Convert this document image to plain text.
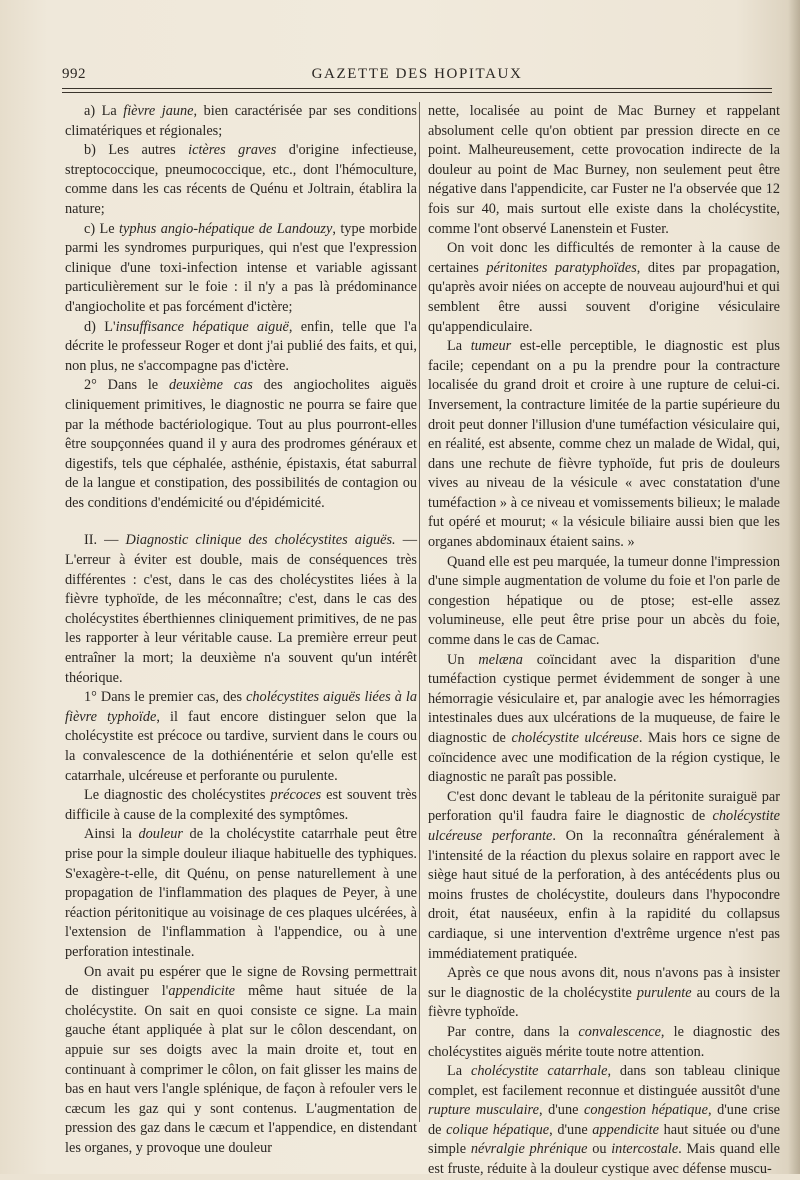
992	GAZETTE DES HOPITAUX

a) La fièvre jaune, bien caractérisée par ses conditions climatériques et régionales;

b) Les autres ictères graves d'origine infectieuse, streptococcique, pneumococcique, etc., dont l'hémoculture, comme dans les cas récents de Quénu et Joltrain, établira la nature;

c) Le typhus angio-hépatique de Landouzy, type morbide parmi les syndromes purpuriques, qui n'est que l'expression clinique d'une toxi-infection intense et variable agissant particulièrement sur le foie : il n'y a pas là prédominance d'angiocholite et pas forcément d'ictère;

d) L'insuffisance hépatique aiguë, enfin, telle que l'a décrite le professeur Roger et dont j'ai publié des faits, et qui, non plus, ne s'accompagne pas d'ictère.

2° Dans le deuxième cas des angiocholites aiguës cliniquement primitives, le diagnostic ne pourra se faire que par la méthode bactériologique. Tout au plus pourront-elles être soupçonnées quand il y aura des prodromes généraux et digestifs, tels que céphalée, asthénie, épistaxis, état saburral de la langue et constipation, des possibilités de contagion ou des conditions d'endémicité ou d'épidémicité.

II. — Diagnostic clinique des cholécystites aiguës. — L'erreur à éviter est double, mais de conséquences très différentes : c'est, dans le cas des cholécystites liées à la fièvre typhoïde, de les méconnaître; c'est, dans le cas des cholécystites éberthiennes cliniquement primitives, de ne pas les rapporter à leur véritable cause. La première erreur peut entraîner la mort; la deuxième n'a souvent qu'un intérêt théorique.

1° Dans le premier cas, des cholécystites aiguës liées à la fièvre typhoïde, il faut encore distinguer selon que la cholécystite est précoce ou tardive, survient dans le cours ou la convalescence de la dothiénentérie et selon qu'elle est catarrhale, ulcéreuse et perforante ou purulente.

Le diagnostic des cholécystites précoces est souvent très difficile à cause de la complexité des symptômes.

Ainsi la douleur de la cholécystite catarrhale peut être prise pour la simple douleur iliaque habituelle des typhiques. S'exagère-t-elle, dit Quénu, on pense naturellement à une propagation de l'inflammation des plaques de Peyer, à une réaction péritonitique au voisinage de ces plaques ulcérées, à l'extension de l'inflammation à l'appendice, ou à une perforation intestinale.

On avait pu espérer que le signe de Rovsing permettrait de distinguer l'appendicite même haut située de la cholécystite. On sait en quoi consiste ce signe. La main gauche étant appliquée à plat sur le côlon descendant, on appuie sur ses doigts avec la main droite et, tout en continuant à comprimer le côlon, on fait glisser les mains de bas en haut vers l'angle splénique, de façon à refouler vers le cæcum les gaz qui y sont contenus. L'augmentation de pression des gaz dans le cæcum et l'appendice, en distendant les organes, y provoque une douleur

nette, localisée au point de Mac Burney et rappelant absolument celle qu'on obtient par pression directe en ce point. Malheureusement, cette provocation indirecte de la douleur au point de Mac Burney, non seulement peut être négative dans l'appendicite, car Fuster ne l'a observée que 12 fois sur 40, mais surtout elle existe dans la cholécystite, comme l'ont observé Lanenstein et Fuster.

On voit donc les difficultés de remonter à la cause de certaines péritonites paratyphoïdes, dites par propagation, qu'après avoir niées on accepte de nouveau aujourd'hui et qui semblent être aussi souvent d'origine vésiculaire qu'appendiculaire.

La tumeur est-elle perceptible, le diagnostic est plus facile; cependant on a pu la prendre pour la contracture localisée du grand droit et croire à une rupture de celui-ci. Inversement, la contracture limitée de la partie supérieure du droit peut donner l'illusion d'une tuméfaction vésiculaire qui, en réalité, est absente, comme chez un malade de Widal, qui, dans une rechute de fièvre typhoïde, fut pris de douleurs vives au niveau de la vésicule « avec constatation d'une tuméfaction » à ce niveau et vomissements bilieux; le malade fut opéré et mourut; « la vésicule biliaire aussi bien que les organes abdominaux étaient sains. »

Quand elle est peu marquée, la tumeur donne l'impression d'une simple augmentation de volume du foie et l'on parle de congestion hépatique ou de ptose; est-elle assez volumineuse, elle peut être prise pour un abcès du foie, comme dans le cas de Camac.

Un melæna coïncidant avec la disparition d'une tuméfaction cystique permet évidemment de songer à une hémorragie vésiculaire et, par analogie avec les hémorragies intestinales dues aux ulcérations de la muqueuse, de faire le diagnostic de cholécystite ulcéreuse. Mais hors ce signe de coïncidence avec une modification de la région cystique, le diagnostic ne paraît pas possible.

C'est donc devant le tableau de la péritonite suraiguë par perforation qu'il faudra faire le diagnostic de cholécystite ulcéreuse perforante. On la reconnaîtra généralement à l'intensité de la réaction du plexus solaire en rapport avec le siège haut situé de la perforation, à des antécédents plus ou moins frustes de cholécystite, douleurs dans l'hypocondre droit, état nauséeux, enfin à la rapidité du collapsus cardiaque, si une intervention d'extrême urgence n'est pas immédiatement pratiquée.

Après ce que nous avons dit, nous n'avons pas à insister sur le diagnostic de la cholécystite purulente au cours de la fièvre typhoïde.

Par contre, dans la convalescence, le diagnostic des cholécystites aiguës mérite toute notre attention.

La cholécystite catarrhale, dans son tableau clinique complet, est facilement reconnue et distinguée aussitôt d'une rupture musculaire, d'une congestion hépatique, d'une crise de colique hépatique, d'une appendicite haut située ou d'une simple névralgie phrénique ou intercostale. Mais quand elle est fruste, réduite à la douleur cystique avec défense muscu-
